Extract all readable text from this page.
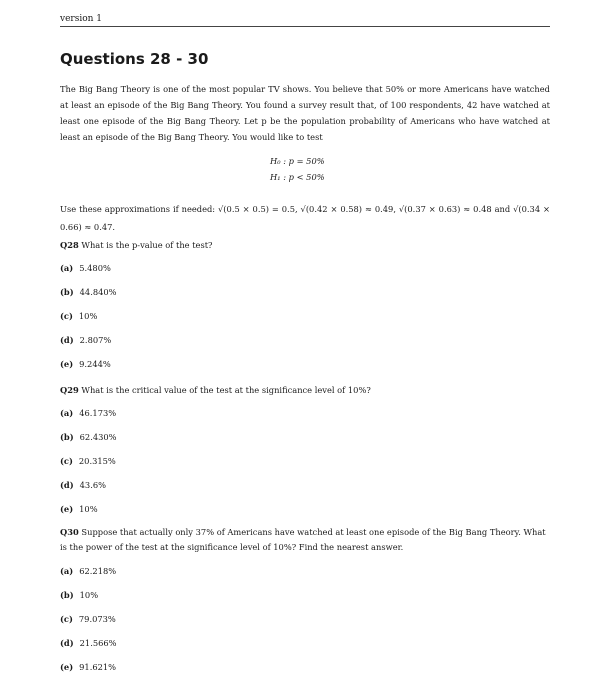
version 1
Questions 28 - 30
The Big Bang Theory is one of the most popular TV shows. You believe that 50% or more Americans have watched at least an episode of the Big Bang Theory. You found a survey result that, of 100 respondents, 42 have watched at least one episode of the Big Bang Theory. Let p be the population probability of Americans who have watched at least an episode of the Big Bang Theory. You would like to test
H₀ : p = 50%
H₁ : p < 50%
Use these approximations if needed: √(0.5 × 0.5) = 0.5, √(0.42 × 0.58) ≈ 0.49, √(0.37 × 0.63) ≈ 0.48 and √(0.34 × 0.66) ≈ 0.47.
Q28 What is the p-value of the test?
(a) 5.480%
(b) 44.840%
(c) 10%
(d) 2.807%
(e) 9.244%
Q29 What is the critical value of the test at the significance level of 10%?
(a) 46.173%
(b) 62.430%
(c) 20.315%
(d) 43.6%
(e) 10%
Q30 Suppose that actually only 37% of Americans have watched at least one episode of the Big Bang Theory. What is the power of the test at the significance level of 10%? Find the nearest answer.
(a) 62.218%
(b) 10%
(c) 79.073%
(d) 21.566%
(e) 91.621%
